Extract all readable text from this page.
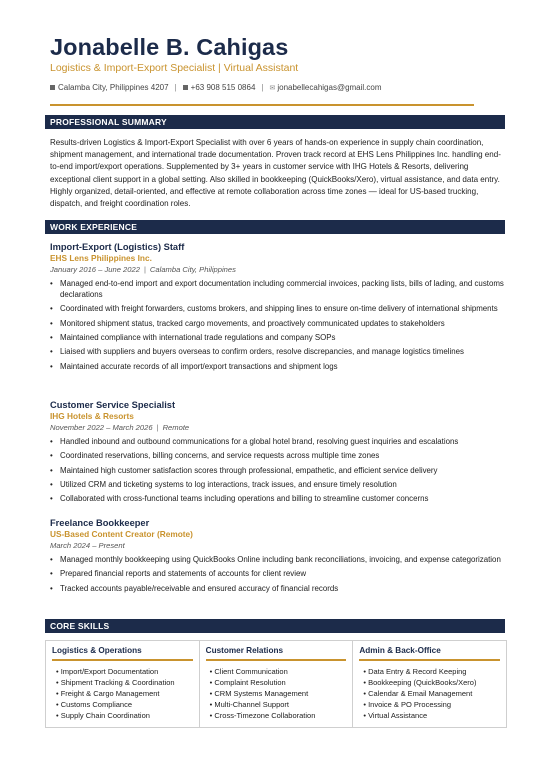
Jonabelle B. Cahigas
Logistics & Import-Export Specialist | Virtual Assistant
Calamba City, Philippines 4207 | +63 908 515 0864 | ✉ jonabellecahigas@gmail.com
PROFESSIONAL SUMMARY
Results-driven Logistics & Import-Export Specialist with over 6 years of hands-on experience in supply chain coordination, shipment management, and international trade documentation. Proven track record at EHS Lens Philippines Inc. handling end-to-end import/export operations. Supplemented by 3+ years in customer service with IHG Hotels & Resorts, delivering exceptional client support in a global setting. Also skilled in bookkeeping (QuickBooks/Xero), virtual assistance, and data entry. Highly organized, detail-oriented, and effective at remote collaboration across time zones — ideal for US-based trucking, dispatch, and freight coordination roles.
WORK EXPERIENCE
Import-Export (Logistics) Staff
EHS Lens Philippines Inc.
January 2016 – June 2022 | Calamba City, Philippines
• Managed end-to-end import and export documentation including commercial invoices, packing lists, bills of lading, and customs declarations
• Coordinated with freight forwarders, customs brokers, and shipping lines to ensure on-time delivery of international shipments
• Monitored shipment status, tracked cargo movements, and proactively communicated updates to stakeholders
• Maintained compliance with international trade regulations and company SOPs
• Liaised with suppliers and buyers overseas to confirm orders, resolve discrepancies, and manage logistics timelines
• Maintained accurate records of all import/export transactions and shipment logs
Customer Service Specialist
IHG Hotels & Resorts
November 2022 – March 2026 | Remote
• Handled inbound and outbound communications for a global hotel brand, resolving guest inquiries and escalations
• Coordinated reservations, billing concerns, and service requests across multiple time zones
• Maintained high customer satisfaction scores through professional, empathetic, and efficient service delivery
• Utilized CRM and ticketing systems to log interactions, track issues, and ensure timely resolution
• Collaborated with cross-functional teams including operations and billing to streamline customer concerns
Freelance Bookkeeper
US-Based Content Creator (Remote)
March 2024 – Present
• Managed monthly bookkeeping using QuickBooks Online including bank reconciliations, invoicing, and expense categorization
• Prepared financial reports and statements of accounts for client review
• Tracked accounts payable/receivable and ensured accuracy of financial records
CORE SKILLS
Logistics & Operations
• Import/Export Documentation
• Shipment Tracking & Coordination
• Freight & Cargo Management
• Customs Compliance
• Supply Chain Coordination
Customer Relations
• Client Communication
• Complaint Resolution
• CRM Systems Management
• Multi-Channel Support
• Cross-Timezone Collaboration
Admin & Back-Office
• Data Entry & Record Keeping
• Bookkeeping (QuickBooks/Xero)
• Calendar & Email Management
• Invoice & PO Processing
• Virtual Assistance
